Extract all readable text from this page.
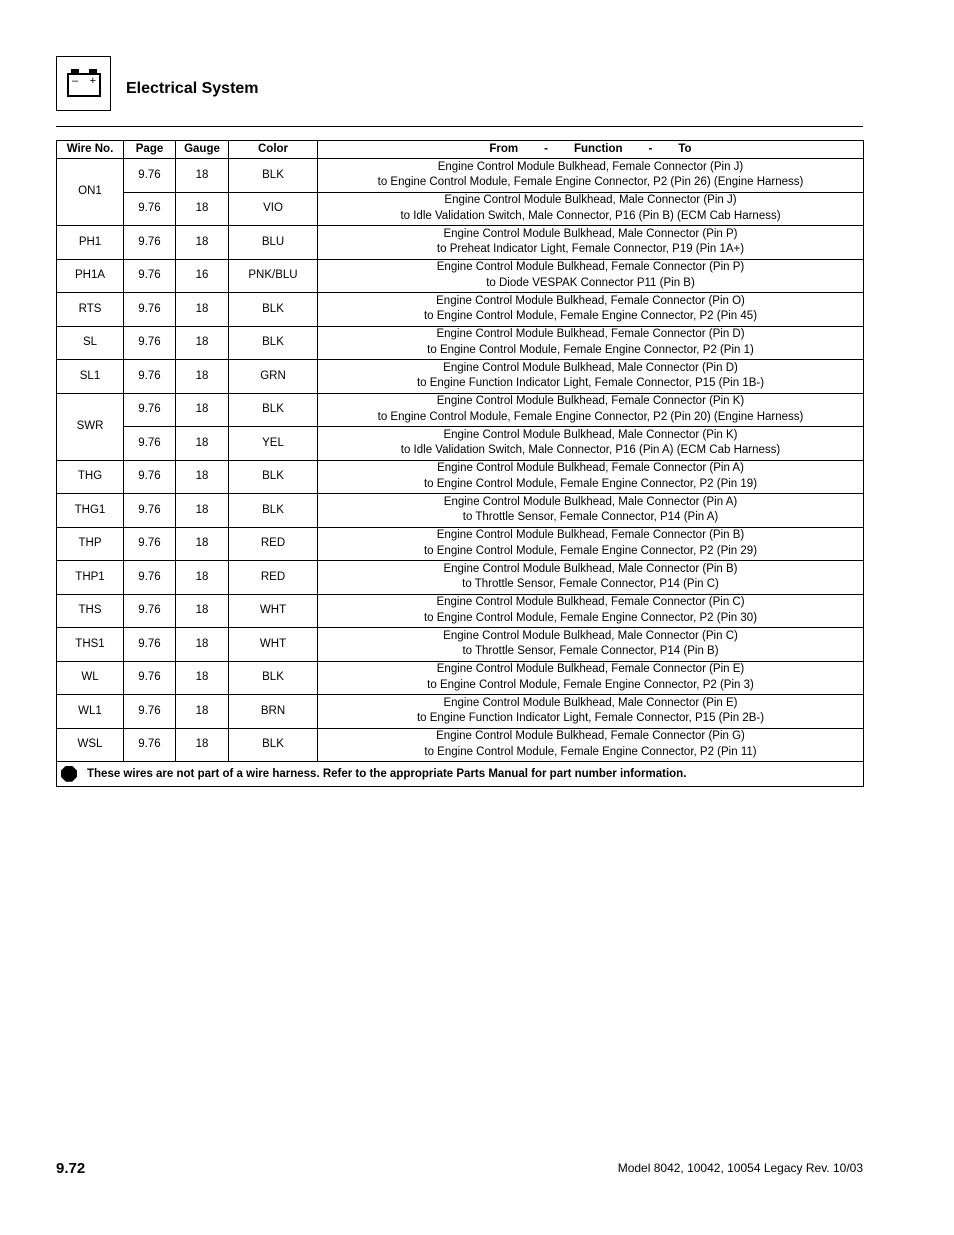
– + Electrical System
Wire No.	Page	Gauge	Color	From - Function - To
ON1	9.76	18	BLK	Engine Control Module Bulkhead, Female Connector (Pin J)
to Engine Control Module, Female Engine Connector, P2 (Pin 26) (Engine Harness)

	9.76	18	VIO	Engine Control Module Bulkhead, Male Connector (Pin J)
to Idle Validation Switch, Male Connector, P16 (Pin B) (ECM Cab Harness)

PH1	9.76	18	BLU	Engine Control Module Bulkhead, Male Connector (Pin P)
to Preheat Indicator Light, Female Connector, P19 (Pin 1A+)

PH1A	9.76	16	PNK/BLU	Engine Control Module Bulkhead, Female Connector (Pin P)
to Diode VESPAK Connector P11 (Pin B)

RTS	9.76	18	BLK	Engine Control Module Bulkhead, Female Connector (Pin O)
to Engine Control Module, Female Engine Connector, P2 (Pin 45)

SL	9.76	18	BLK	Engine Control Module Bulkhead, Female Connector (Pin D)
to Engine Control Module, Female Engine Connector, P2 (Pin 1)

SL1	9.76	18	GRN	Engine Control Module Bulkhead, Male Connector (Pin D)
to Engine Function Indicator Light, Female Connector, P15 (Pin 1B-)

SWR	9.76	18	BLK	Engine Control Module Bulkhead, Female Connector (Pin K)
to Engine Control Module, Female Engine Connector, P2 (Pin 20) (Engine Harness)

	9.76	18	YEL	Engine Control Module Bulkhead, Male Connector (Pin K)
to Idle Validation Switch, Male Connector, P16 (Pin A) (ECM Cab Harness)

THG	9.76	18	BLK	Engine Control Module Bulkhead, Female Connector (Pin A)
to Engine Control Module, Female Engine Connector, P2 (Pin 19)

THG1	9.76	18	BLK	Engine Control Module Bulkhead, Male Connector (Pin A)
to Throttle Sensor, Female Connector, P14 (Pin A)

THP	9.76	18	RED	Engine Control Module Bulkhead, Female Connector (Pin B)
to Engine Control Module, Female Engine Connector, P2 (Pin 29)

THP1	9.76	18	RED	Engine Control Module Bulkhead, Male Connector (Pin B)
to Throttle Sensor, Female Connector, P14 (Pin C)

THS	9.76	18	WHT	Engine Control Module Bulkhead, Female Connector (Pin C)
to Engine Control Module, Female Engine Connector, P2 (Pin 30)

THS1	9.76	18	WHT	Engine Control Module Bulkhead, Male Connector (Pin C)
to Throttle Sensor, Female Connector, P14 (Pin B)

WL	9.76	18	BLK	Engine Control Module Bulkhead, Female Connector (Pin E)
to Engine Control Module, Female Engine Connector, P2 (Pin 3)

WL1	9.76	18	BRN	Engine Control Module Bulkhead, Male Connector (Pin E)
to Engine Function Indicator Light, Female Connector, P15 (Pin 2B-)

WSL	9.76	18	BLK	Engine Control Module Bulkhead, Female Connector (Pin G)
to Engine Control Module, Female Engine Connector, P2 (Pin 11)

These wires are not part of a wire harness. Refer to the appropriate Parts Manual for part number information.				
9.72	Model 8042, 10042, 10054 Legacy Rev. 10/03
